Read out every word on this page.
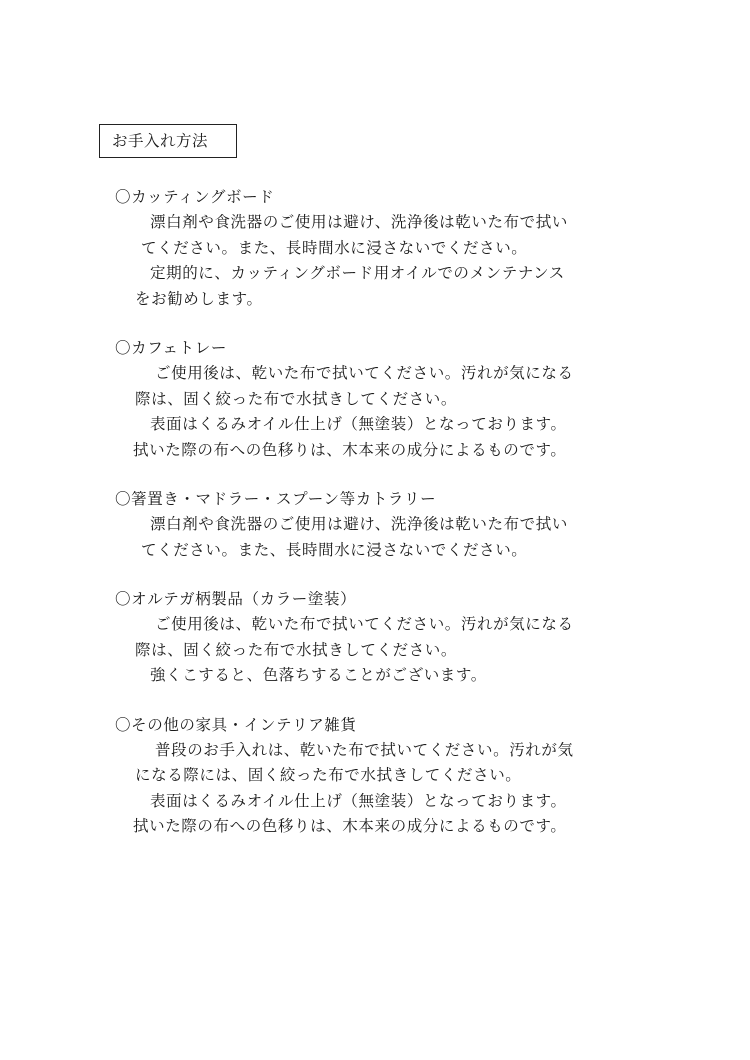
お手入れ方法
〇カッティングボード
漂白剤や食洗器のご使用は避け、洗浄後は乾いた布で拭い
てください。また、長時間水に浸さないでください。
定期的に、カッティングボード用オイルでのメンテナンス
をお勧めします。
〇カフェトレー
ご使用後は、乾いた布で拭いてください。汚れが気になる
際は、固く絞った布で水拭きしてください。
表面はくるみオイル仕上げ（無塗装）となっております。
拭いた際の布への色移りは、木本来の成分によるものです。
〇箸置き・マドラー・スプーン等カトラリー
漂白剤や食洗器のご使用は避け、洗浄後は乾いた布で拭い
てください。また、長時間水に浸さないでください。
〇オルテガ柄製品（カラー塗装）
ご使用後は、乾いた布で拭いてください。汚れが気になる
際は、固く絞った布で水拭きしてください。
強くこすると、色落ちすることがございます。
〇その他の家具・インテリア雑貨
普段のお手入れは、乾いた布で拭いてください。汚れが気
になる際には、固く絞った布で水拭きしてください。
表面はくるみオイル仕上げ（無塗装）となっております。
拭いた際の布への色移りは、木本来の成分によるものです。
